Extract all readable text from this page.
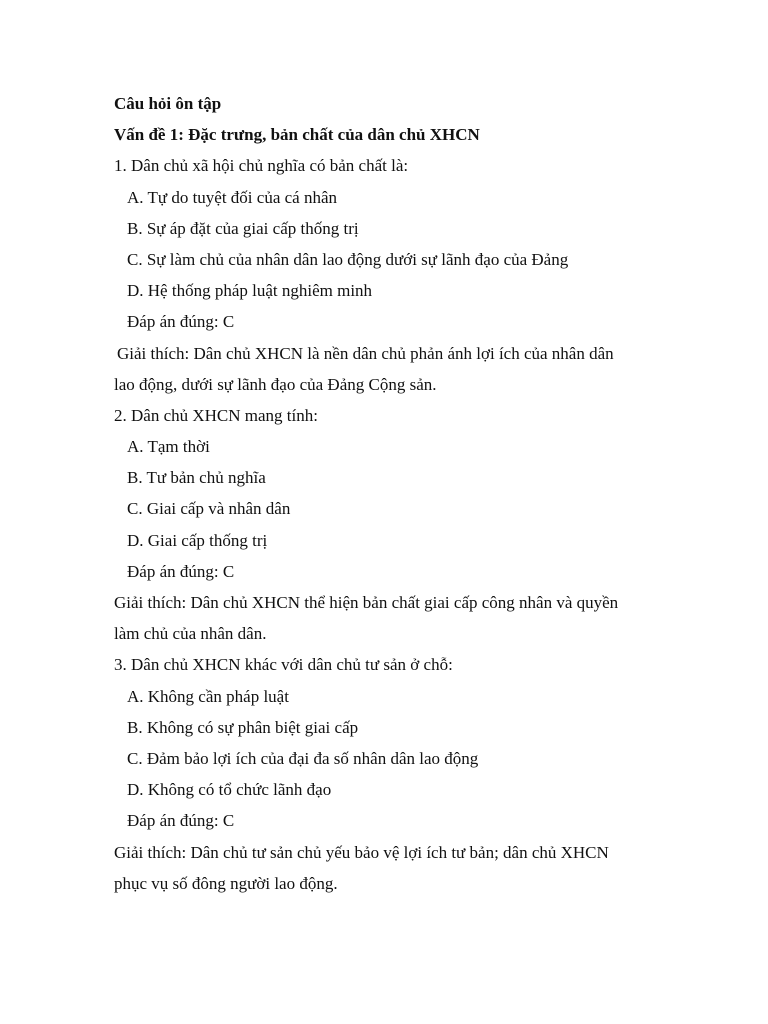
Câu hỏi ôn tập
Vấn đề 1: Đặc trưng, bản chất của dân chủ XHCN
1. Dân chủ xã hội chủ nghĩa có bản chất là:
A. Tự do tuyệt đối của cá nhân
B. Sự áp đặt của giai cấp thống trị
C. Sự làm chủ của nhân dân lao động dưới sự lãnh đạo của Đảng
D. Hệ thống pháp luật nghiêm minh
Đáp án đúng: C
Giải thích: Dân chủ XHCN là nền dân chủ phản ánh lợi ích của nhân dân
lao động, dưới sự lãnh đạo của Đảng Cộng sản.
2. Dân chủ XHCN mang tính:
A. Tạm thời
B. Tư bản chủ nghĩa
C. Giai cấp và nhân dân
D. Giai cấp thống trị
Đáp án đúng: C
Giải thích: Dân chủ XHCN thể hiện bản chất giai cấp công nhân và quyền
làm chủ của nhân dân.
3. Dân chủ XHCN khác với dân chủ tư sản ở chỗ:
A. Không cần pháp luật
B. Không có sự phân biệt giai cấp
C. Đảm bảo lợi ích của đại đa số nhân dân lao động
D. Không có tổ chức lãnh đạo
Đáp án đúng: C
Giải thích: Dân chủ tư sản chủ yếu bảo vệ lợi ích tư bản; dân chủ XHCN
phục vụ số đông người lao động.
